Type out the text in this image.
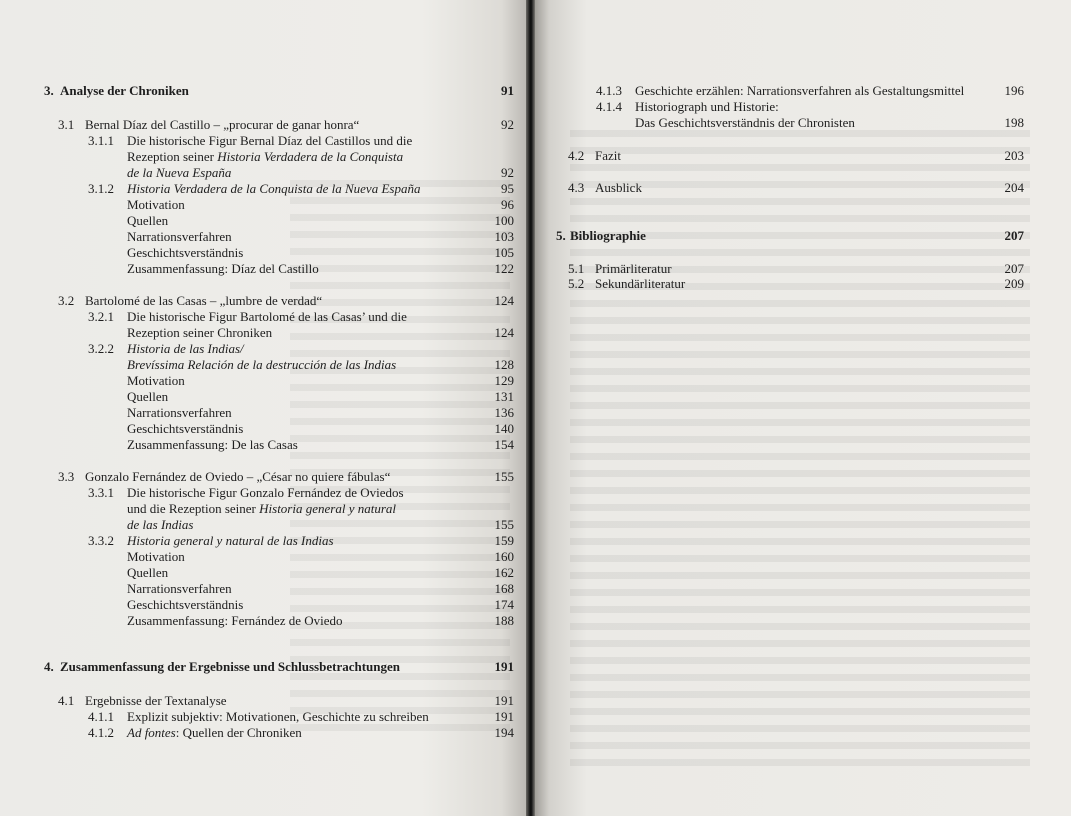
3. Analyse der Chroniken	91
3.1 Bernal Díaz del Castillo – „procurar de ganar honra“	92
3.1.1 Die historische Figur Bernal Díaz del Castillos und die
Rezeption seiner Historia Verdadera de la Conquista
de la Nueva España	92
3.1.2 Historia Verdadera de la Conquista de la Nueva España	95
Motivation	96
Quellen	100
Narrationsverfahren	103
Geschichtsverständnis	105
Zusammenfassung: Díaz del Castillo	122
3.2 Bartolomé de las Casas – „lumbre de verdad“	124
3.2.1 Die historische Figur Bartolomé de las Casas’ und die
Rezeption seiner Chroniken	124
3.2.2 Historia de las Indias/
Brevíssima Relación de la destrucción de las Indias	128
Motivation	129
Quellen	131
Narrationsverfahren	136
Geschichtsverständnis	140
Zusammenfassung: De las Casas	154
3.3 Gonzalo Fernández de Oviedo – „César no quiere fábulas“	155
3.3.1 Die historische Figur Gonzalo Fernández de Oviedos
und die Rezeption seiner Historia general y natural
de las Indias	155
3.3.2 Historia general y natural de las Indias	159
Motivation	160
Quellen	162
Narrationsverfahren	168
Geschichtsverständnis	174
Zusammenfassung: Fernández de Oviedo	188
4. Zusammenfassung der Ergebnisse und Schlussbetrachtungen	191
4.1 Ergebnisse der Textanalyse	191
4.1.1 Explizit subjektiv: Motivationen, Geschichte zu schreiben	191
4.1.2 Ad fontes: Quellen der Chroniken	194
4.1.3 Geschichte erzählen: Narrationsverfahren als Gestaltungsmittel	196
4.1.4 Historiograph und Historie:
Das Geschichtsverständnis der Chronisten	198
4.2 Fazit	203
4.3 Ausblick	204
5. Bibliographie	207
5.1 Primärliteratur	207
5.2 Sekundärliteratur	209
